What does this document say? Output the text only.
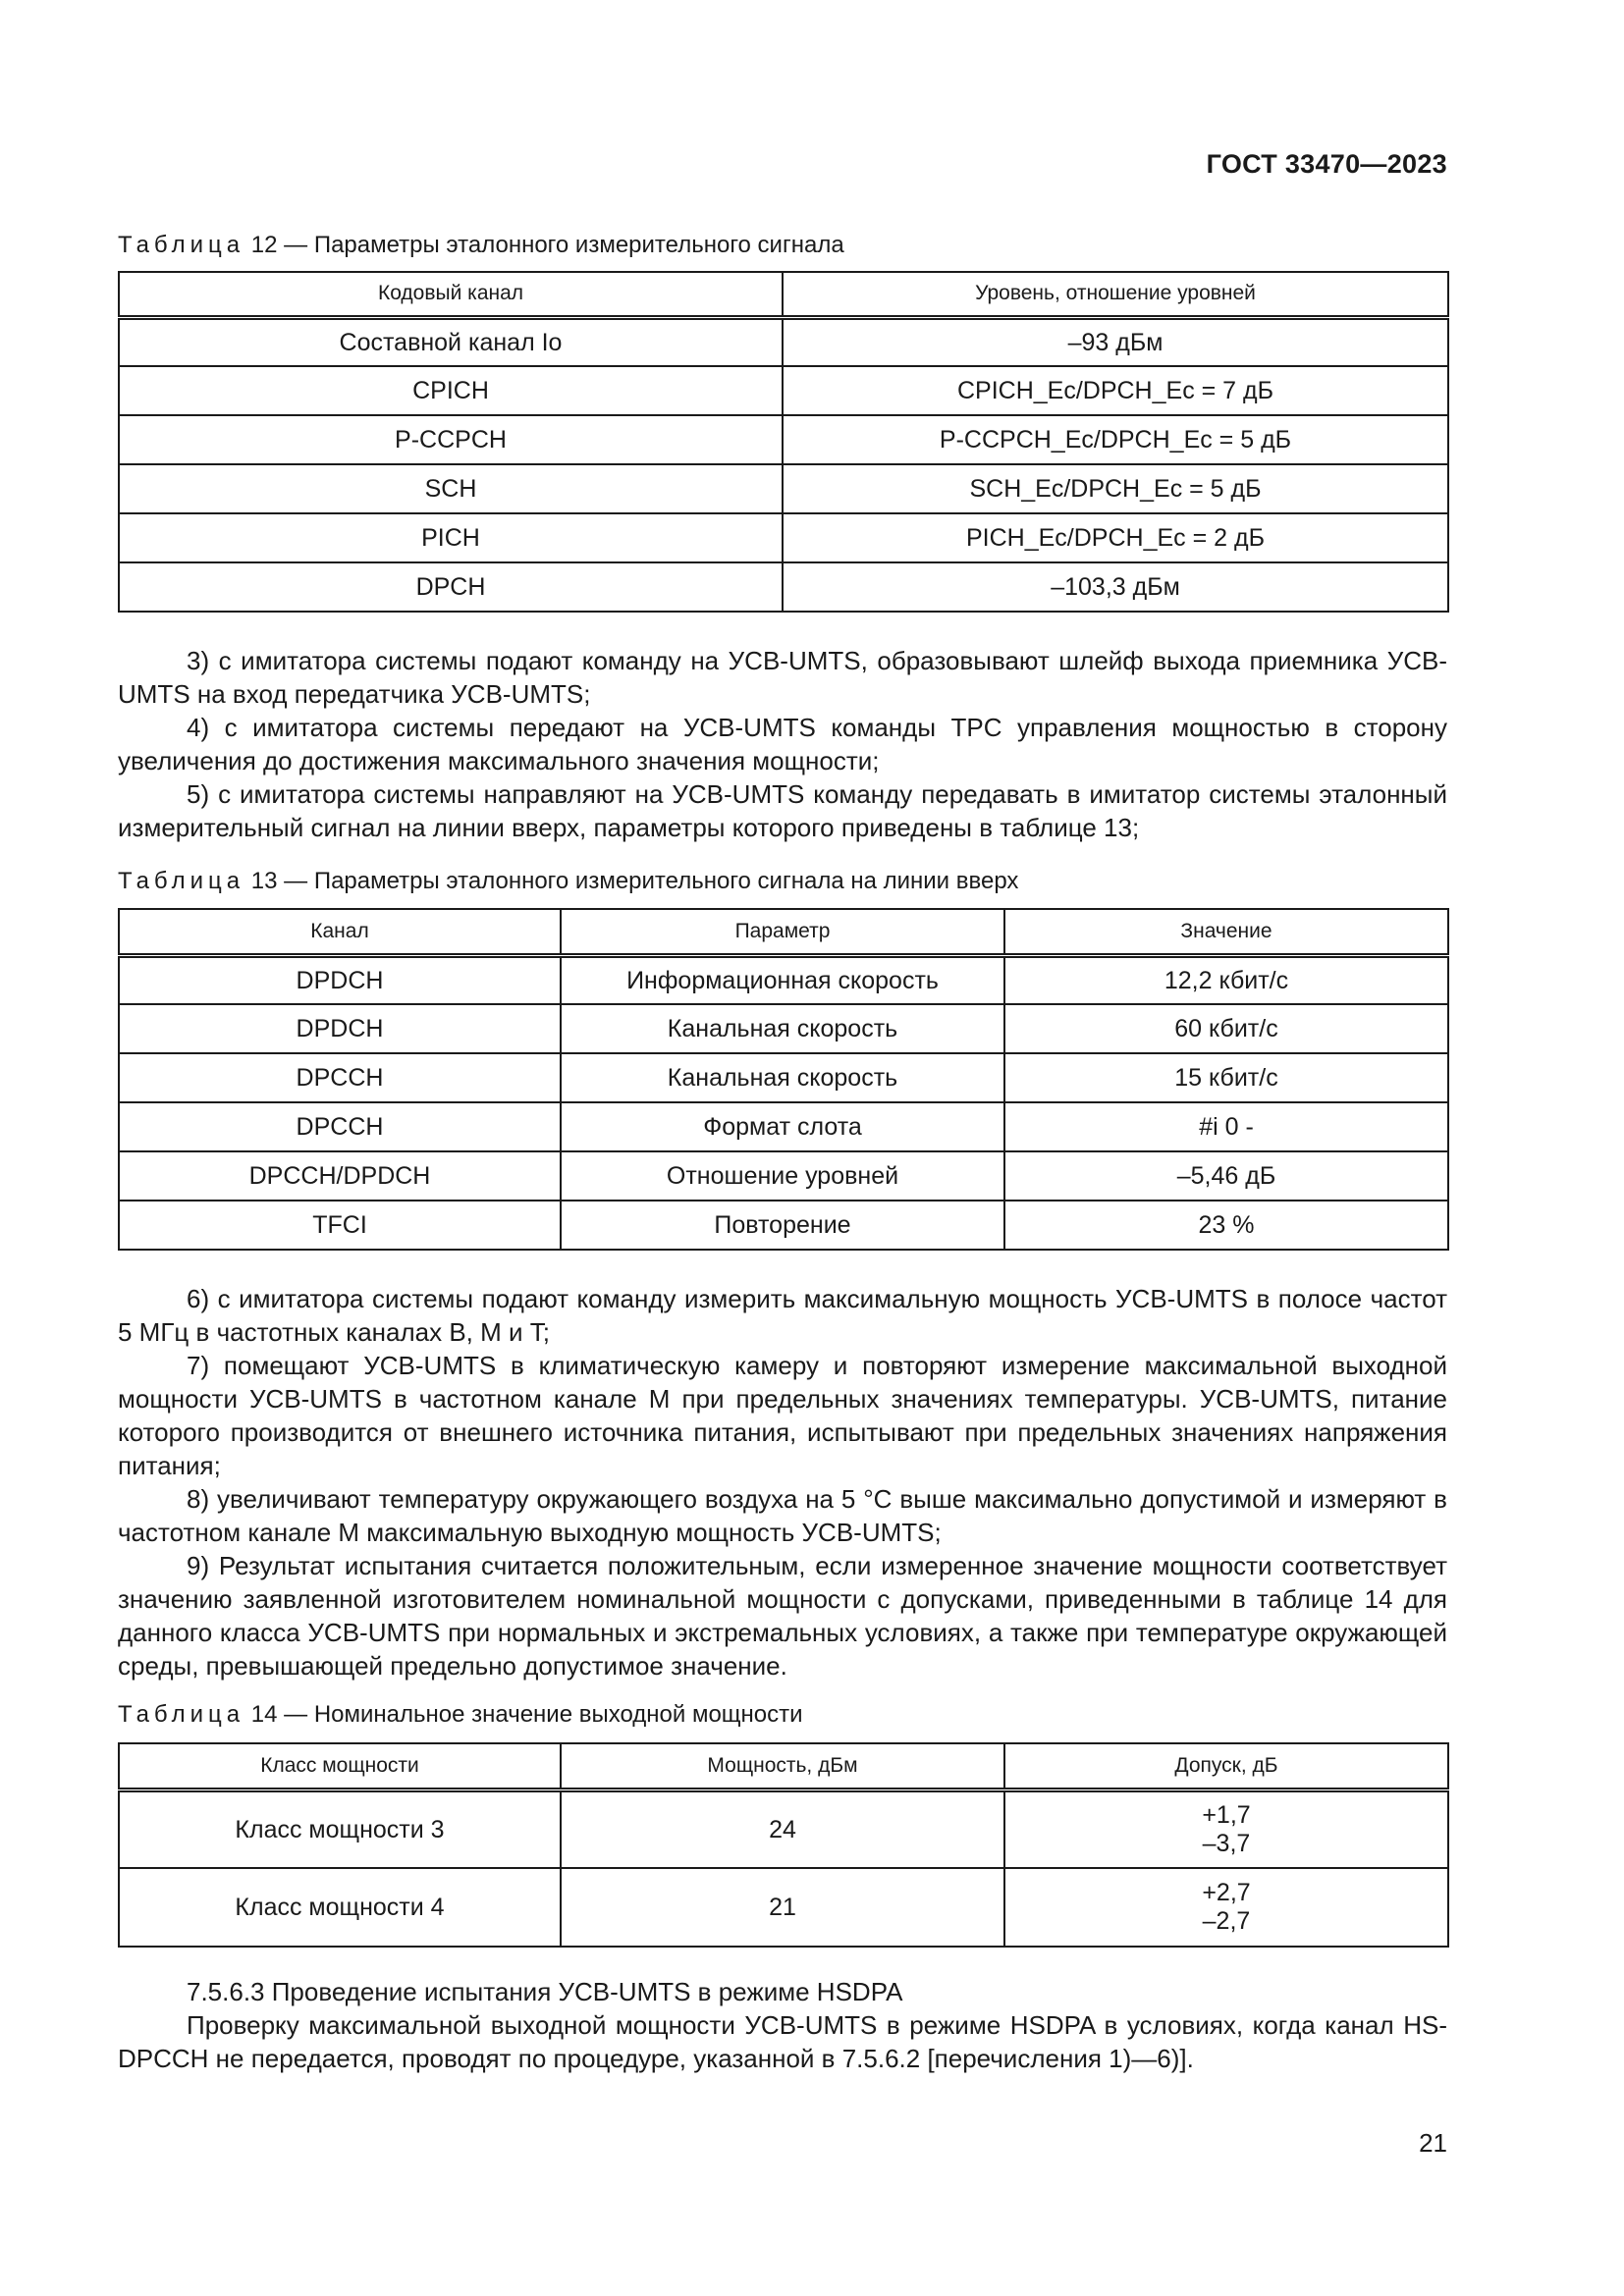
ГОСТ 33470—2023
Таблица 12 — Параметры эталонного измерительного сигнала
Кодовый канал	Уровень, отношение уровней
Составной канал Io	–93 дБм
CPICH	CPICH_Ec/DPCH_Ec = 7 дБ
P-CCPCH	P-CCPCH_Ec/DPCH_Ec = 5 дБ
SCH	SCH_Ec/DPCH_Ec = 5 дБ
PICH	PICH_Ec/DPCH_Ec = 2 дБ
DPCH	–103,3 дБм

3) с имитатора системы подают команду на УСВ-UMTS, образовывают шлейф выхода приемника УСВ-UMTS на вход передатчика УСВ-UMTS;

4) с имитатора системы передают на УСВ-UMTS команды TPC управления мощностью в сторону увеличения до достижения максимального значения мощности;

5) с имитатора системы направляют на УСВ-UMTS команду передавать в имитатор системы эталонный измерительный сигнал на линии вверх, параметры которого приведены в таблице 13;

Таблица 13 — Параметры эталонного измерительного сигнала на линии вверх
Канал	Параметр	Значение
DPDCH	Информационная скорость	12,2 кбит/с
DPDCH	Канальная скорость	60 кбит/с
DPCCH	Канальная скорость	15 кбит/с
DPCCH	Формат слота	#i 0 -
DPCCH/DPDCH	Отношение уровней	–5,46 дБ
TFCI	Повторение	23 %

6) с имитатора системы подают команду измерить максимальную мощность УСВ-UMTS в полосе частот 5 МГц в частотных каналах B, M и T;

7) помещают УСВ-UMTS в климатическую камеру и повторяют измерение максимальной выходной мощности УСВ-UMTS в частотном канале M при предельных значениях температуры. УСВ-UMTS, питание которого производится от внешнего источника питания, испытывают при предельных значениях напряжения питания;

8) увеличивают температуру окружающего воздуха на 5 °C выше максимально допустимой и измеряют в частотном канале M максимальную выходную мощность УСВ-UMTS;

9) Результат испытания считается положительным, если измеренное значение мощности соответствует значению заявленной изготовителем номинальной мощности с допусками, приведенными в таблице 14 для данного класса УСВ-UMTS при нормальных и экстремальных условиях, а также при температуре окружающей среды, превышающей предельно допустимое значение.

Таблица 14 — Номинальное значение выходной мощности
Класс мощности	Мощность, дБм	Допуск, дБ
Класс мощности 3	24	+1,7
–3,7

Класс мощности 4	21	+2,7
–2,7

7.5.6.3 Проведение испытания УСВ-UMTS в режиме HSDPA

Проверку максимальной выходной мощности УСВ-UMTS в режиме HSDPA в условиях, когда канал HS-DPCCH не передается, проводят по процедуре, указанной в 7.5.6.2 [перечисления 1)—6)].

21
